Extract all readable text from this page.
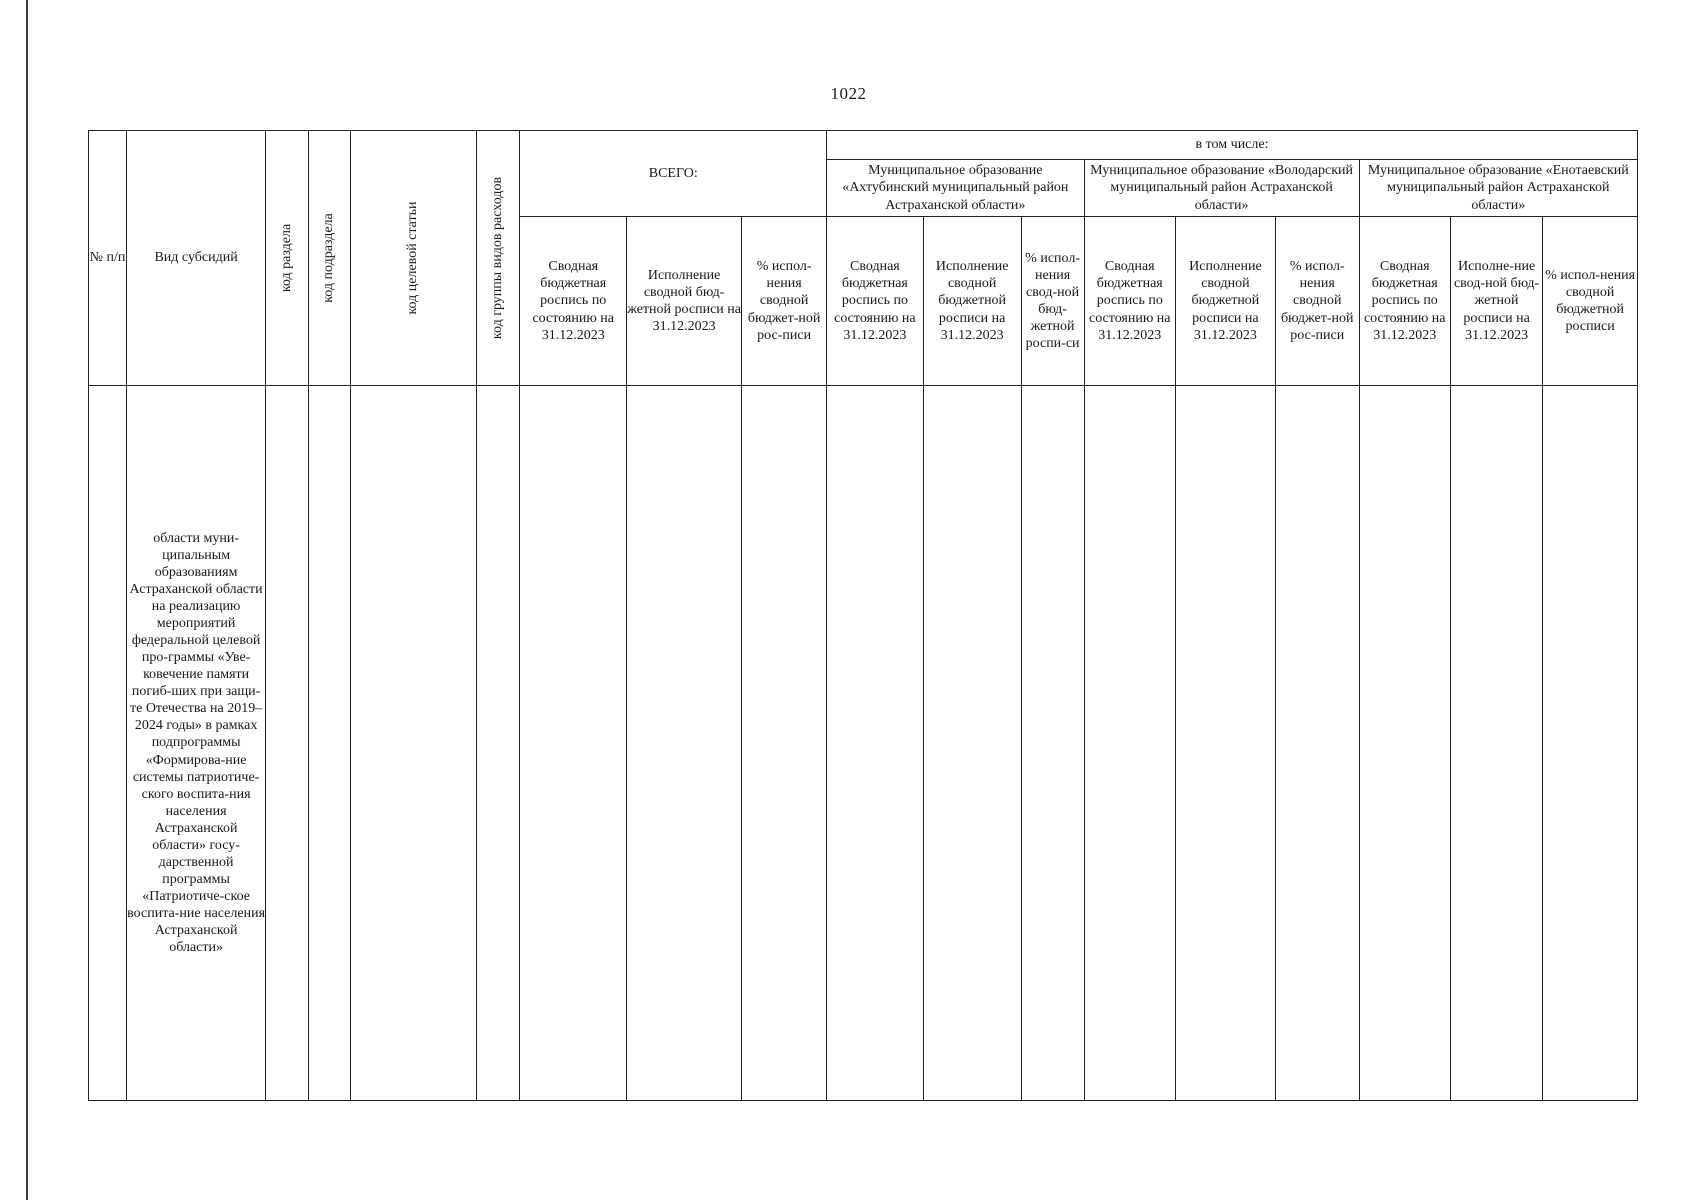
1022
№ п/п	Вид субсидий	код раздела	код подраздела	код целевой статьи	код группы видов расходов	ВСЕГО:			в том числе:								
									Муниципальное образование «Ахтубинский муниципальный район Астраханской области»			Муниципальное образование «Володарский муниципальный район Астраханской области»			Муниципальное образование «Енотаевский муниципальный район Астраханской области»		
						Сводная бюджетная роспись по состоянию на 31.12.2023	Исполнение сводной бюд-жетной росписи на 31.12.2023	% испол-нения сводной бюджет-ной рос-писи	Сводная бюджетная роспись по состоянию на 31.12.2023	Исполнение сводной бюджетной росписи на 31.12.2023	% испол-нения свод-ной бюд-жетной роспи-си	Сводная бюджетная роспись по состоянию на 31.12.2023	Исполнение сводной бюджетной росписи на 31.12.2023	% испол-нения сводной бюджет-ной рос-писи	Сводная бюджетная роспись по состоянию на 31.12.2023	Исполне-ние свод-ной бюд-жетной росписи на 31.12.2023	% испол-нения сводной бюджетной росписи
	области муни-ципальным образованиям Астраханской области на реализацию мероприятий федеральной целевой про-граммы «Уве-ковечение памяти погиб-ших при защи-те Отечества на 2019–2024 годы» в рамках подпрограммы «Формирова-ние системы патриотиче-ского воспита-ния населения Астраханской области» госу-дарственной программы «Патриотиче-ское воспита-ние населения Астраханской области»																
